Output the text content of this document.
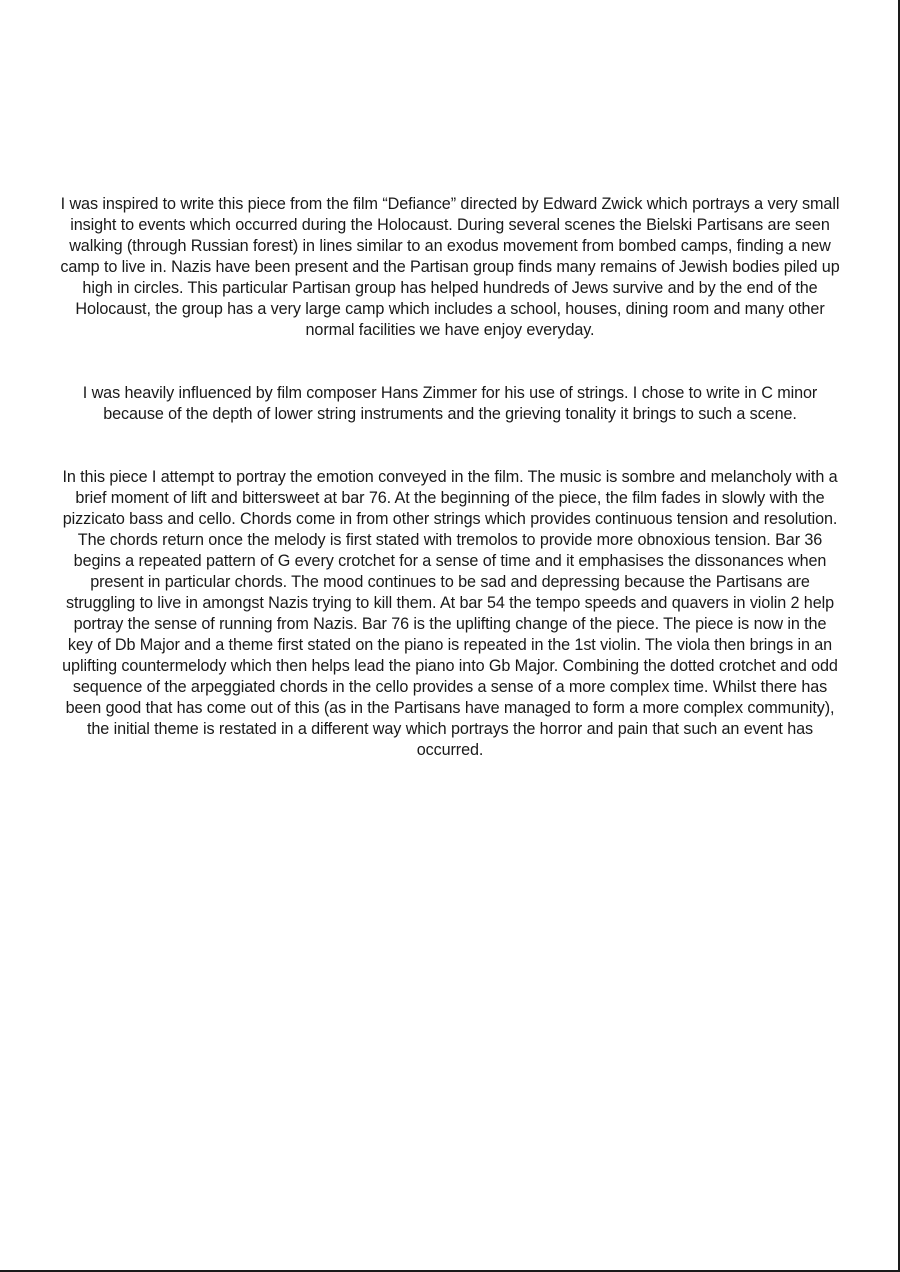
I was inspired to write this piece from the film “Defiance” directed by Edward Zwick which portrays a very small insight to events which occurred during the Holocaust. During several scenes the Bielski Partisans are seen walking (through Russian forest) in lines similar to an exodus movement from bombed camps, finding a new camp to live in. Nazis have been present and the Partisan group finds many remains of Jewish bodies piled up high in circles. This particular Partisan group has helped hundreds of Jews survive and by the end of the Holocaust, the group has a very large camp which includes a school, houses, dining room and many other normal facilities we have enjoy everyday.

I was heavily influenced by film composer Hans Zimmer for his use of strings. I chose to write in C minor because of the depth of lower string instruments and the grieving tonality it brings to such a scene.

In this piece I attempt to portray the emotion conveyed in the film. The music is sombre and melancholy with a brief moment of lift and bittersweet at bar 76. At the beginning of the piece, the film fades in slowly with the pizzicato bass and cello. Chords come in from other strings which provides continuous tension and resolution. The chords return once the melody is first stated with tremolos to provide more obnoxious tension. Bar 36 begins a repeated pattern of G every crotchet for a sense of time and it emphasises the dissonances when present in particular chords. The mood continues to be sad and depressing because the Partisans are struggling to live in amongst Nazis trying to kill them. At bar 54 the tempo speeds and quavers in violin 2 help portray the sense of running from Nazis. Bar 76 is the uplifting change of the piece. The piece is now in the key of Db Major and a theme first stated on the piano is repeated in the 1st violin. The viola then brings in an uplifting countermelody which then helps lead the piano into Gb Major. Combining the dotted crotchet and odd sequence of the arpeggiated chords in the cello provides a sense of a more complex time. Whilst there has been good that has come out of this (as in the Partisans have managed to form a more complex community), the initial theme is restated in a different way which portrays the horror and pain that such an event has occurred.
